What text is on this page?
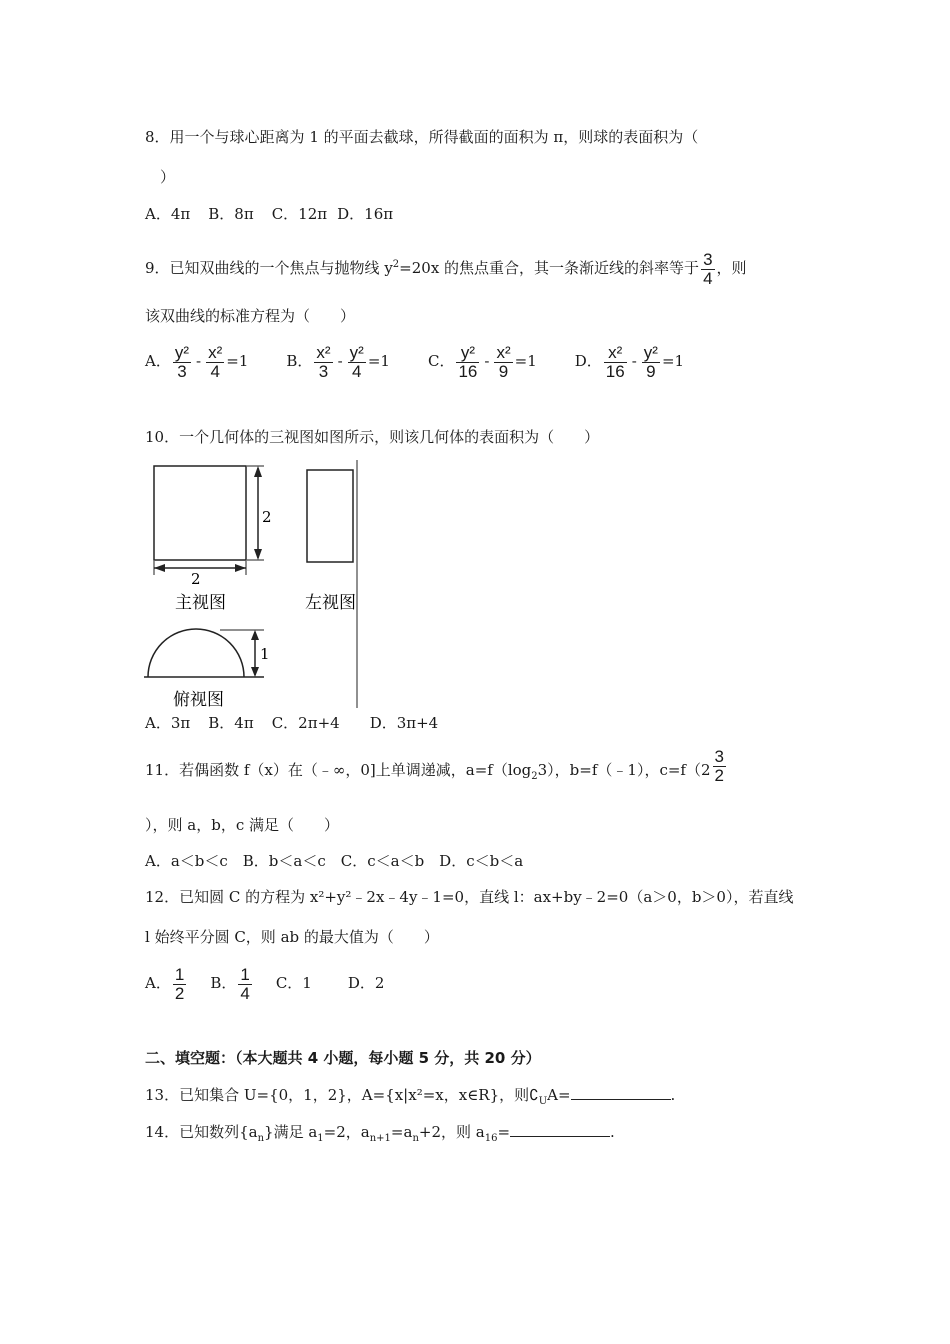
8．用一个与球心距离为 1 的平面去截球，所得截面的面积为 π，则球的表面积为（
）
A．4π B．8π C．12π D．16π
9．已知双曲线的一个焦点与抛物线 $y^2=20x$ 的焦点重合，其一条渐近线的斜率等于 $\frac{3}{4}$ ，则
该双曲线的标准方程为（　　）
A． $\frac{\text{y²}}{3} - \frac{\text{x²}}{4} =1$	B． $\frac{\text{x²}}{3} - \frac{\text{y²}}{4} =1$	C． $\frac{\text{y²}}{16} - \frac{\text{x²}}{9} =1$	D． $\frac{\text{x²}}{16} - \frac{\text{y²}}{9} =1$
10．一个几何体的三视图如图所示，则该几何体的表面积为（　　）
2
2
1
主视图	左视图
俯视图
A．3π B．4π C．2π+4 D．3π+4
11．若偶函数 f（x）在（﹣∞，0]上单调递减，$a=f(\log_23)$，b=f（﹣1），$c=f(2 \frac{3}{2}$
），则 a，b，c 满足（　　）
A．a＜b＜c　B．b＜a＜c　C．c＜a＜b　D．c＜b＜a
12．已知圆 C 的方程为 x²+y²﹣2x﹣4y﹣1=0，直线 l：ax+by﹣2=0（a＞0，b＞0），若直线
l 始终平分圆 C，则 ab 的最大值为（　　）
A． $\frac{1}{2}$ B． $\frac{1}{4}$ C．1 D．2
二、填空题：（本大题共 4 小题，每小题 5 分，共 20 分）
13．已知集合 U={0，1，2}，A={x|x²=x，x∈R}，则$∁_UA=$	.
14．已知数列$\{a_n\}$满足 $a_1=2$，$a_{n+1}=a_n+2$，则 $a_{16}=$	.
